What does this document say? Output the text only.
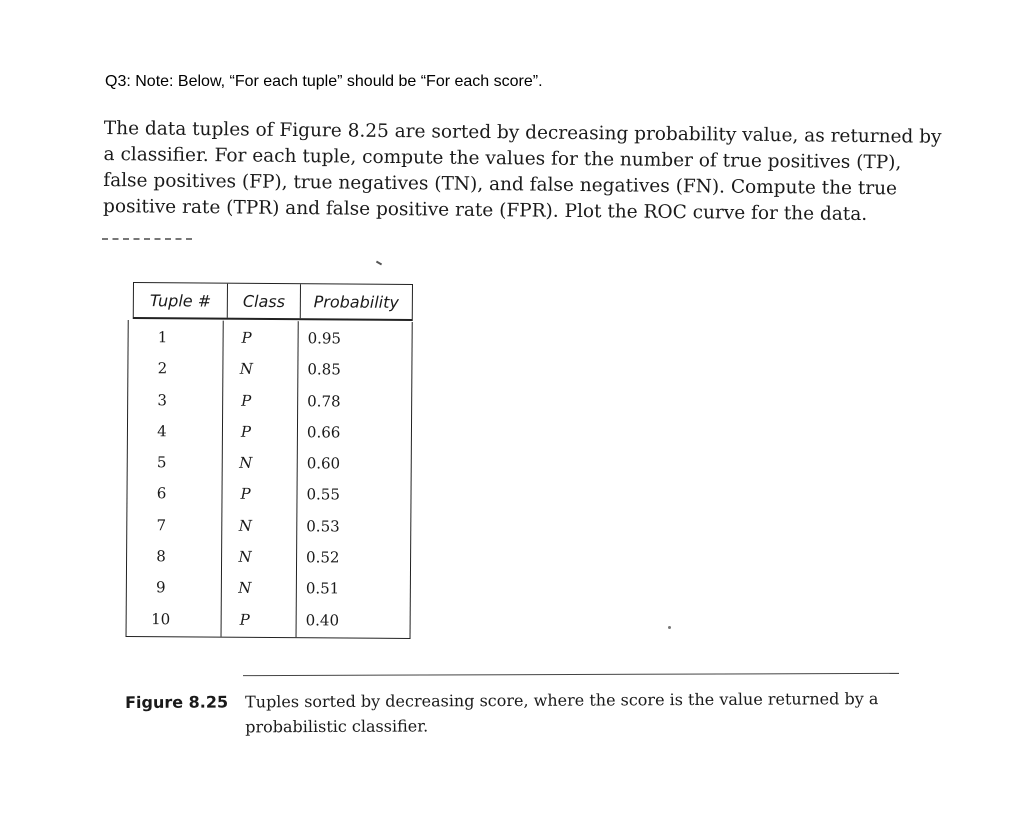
Q3: Note: Below, “For each tuple” should be “For each score”.
The data tuples of Figure 8.25 are sorted by decreasing probability value, as returned by
a classifier. For each tuple, compute the values for the number of true positives (TP),
false positives (FP), true negatives (TN), and false negatives (FN). Compute the true
positive rate (TPR) and false positive rate (FPR). Plot the ROC curve for the data.
Tuple #	Class	Probability
1	P	0.95
2	N	0.85
3	P	0.78
4	P	0.66
5	N	0.60
6	P	0.55
7	N	0.53
8	N	0.52
9	N	0.51
10	P	0.40
Figure 8.25	Tuples sorted by decreasing score, where the score is the value returned by a probabilistic classifier.
